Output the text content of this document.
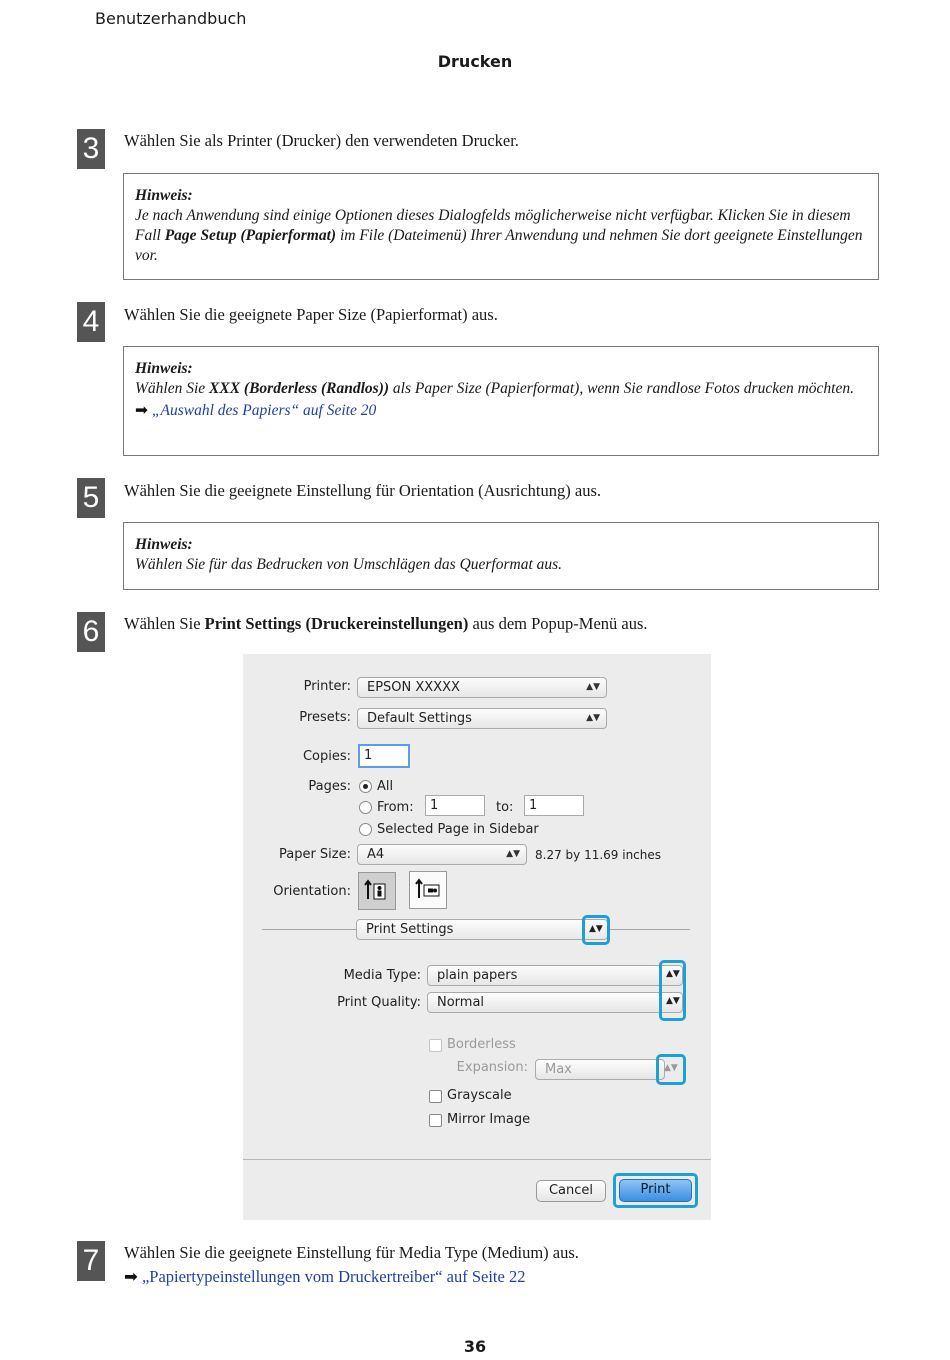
Benutzerhandbuch
Drucken
3	Wählen Sie als Printer (Drucker) den verwendeten Drucker.
Hinweis:
Je nach Anwendung sind einige Optionen dieses Dialogfelds möglicherweise nicht verfügbar. Klicken Sie in diesem Fall Page Setup (Papierformat) im File (Dateimenü) Ihrer Anwendung und nehmen Sie dort geeignete Einstellungen vor.
4	Wählen Sie die geeignete Paper Size (Papierformat) aus.
Hinweis:
Wählen Sie XXX (Borderless (Randlos)) als Paper Size (Papierformat), wenn Sie randlose Fotos drucken möchten.
➡ „Auswahl des Papiers“ auf Seite 20
5	Wählen Sie die geeignete Einstellung für Orientation (Ausrichtung) aus.
Hinweis:
Wählen Sie für das Bedrucken von Umschlägen das Querformat aus.
6	Wählen Sie Print Settings (Druckereinstellungen) aus dem Popup-Menü aus.
Printer:	EPSON XXXXX	▲▼
Presets:	Default Settings	▲▼
Copies:	1
Pages: All
From:	1	to:	1
Selected Page in Sidebar
Paper Size:	A4	▲▼ 8.27 by 11.69 inches
Orientation:
Print Settings	▲▼
Media Type:	plain papers
Print Quality:	Normal
▲▼
▲▼
Borderless
Expansion:	Max	▲▼
Grayscale
Mirror Image
Cancel	Print
7	Wählen Sie die geeignete Einstellung für Media Type (Medium) aus.
➡ „Papiertypeinstellungen vom Druckertreiber“ auf Seite 22
36
